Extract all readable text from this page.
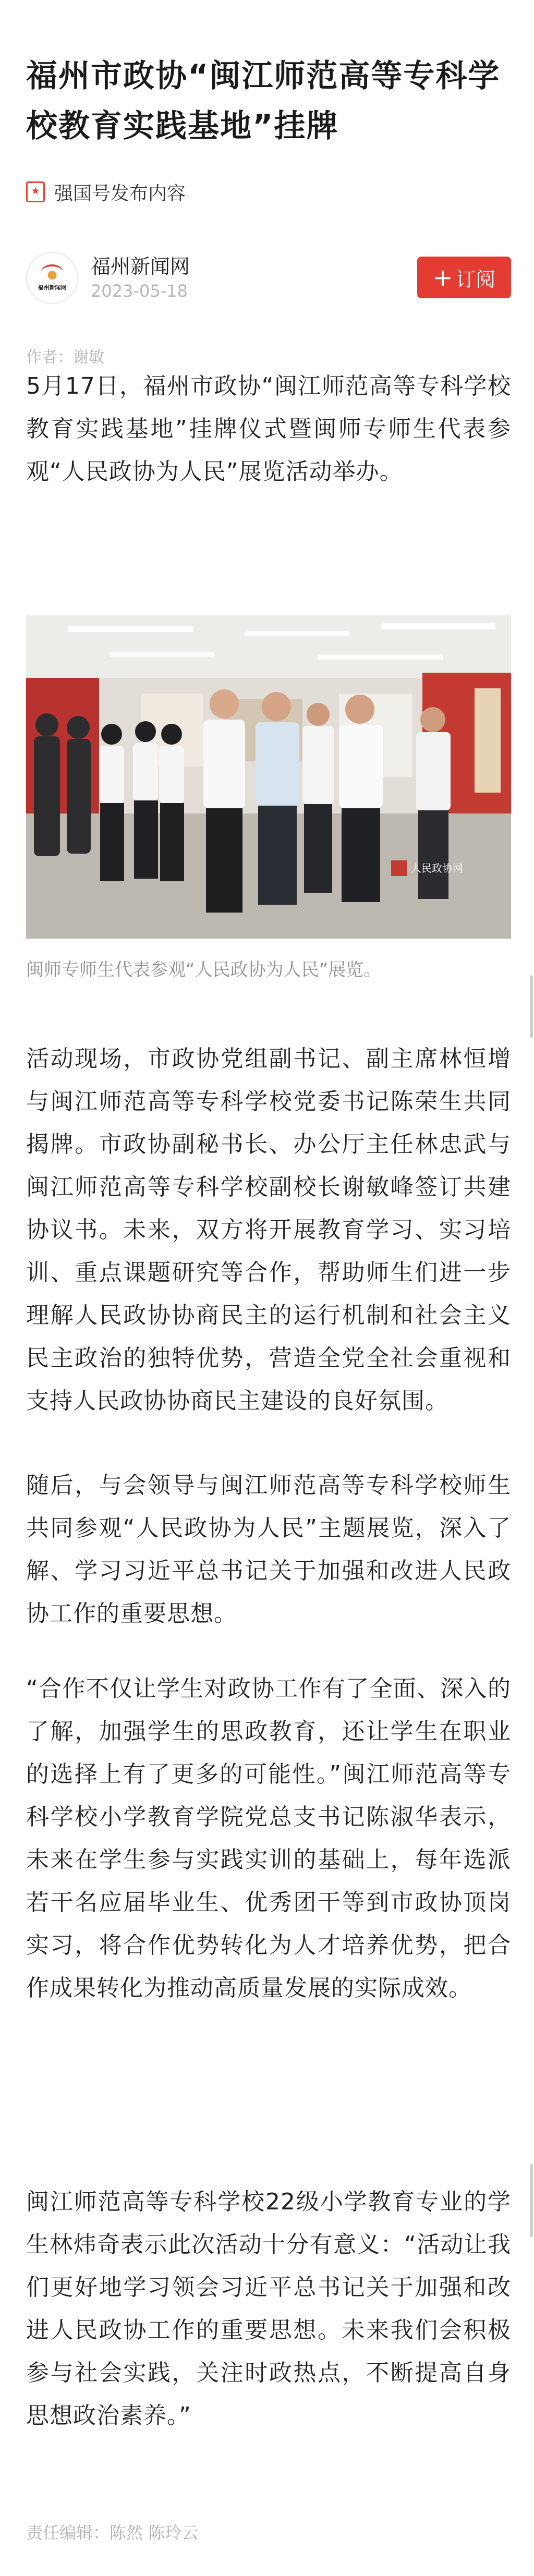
福州市政协“闽江师范高等专科学校教育实践基地”挂牌
强国号发布内容
福州新闻网
福州新闻网
2023-05-18	+ 订阅
作者：谢敏
5月17日，福州市政协“闽江师范高等专科学校教育实践基地”挂牌仪式暨闽师专师生代表参观“人民政协为人民”展览活动举办。
人民政协网
闽师专师生代表参观“人民政协为人民”展览。
活动现场，市政协党组副书记、副主席林恒增与闽江师范高等专科学校党委书记陈荣生共同揭牌。市政协副秘书长、办公厅主任林忠武与闽江师范高等专科学校副校长谢敏峰签订共建协议书。未来，双方将开展教育学习、实习培训、重点课题研究等合作，帮助师生们进一步理解人民政协协商民主的运行机制和社会主义民主政治的独特优势，营造全党全社会重视和支持人民政协协商民主建设的良好氛围。
随后，与会领导与闽江师范高等专科学校师生共同参观“人民政协为人民”主题展览，深入了解、学习习近平总书记关于加强和改进人民政协工作的重要思想。
“合作不仅让学生对政协工作有了全面、深入的了解，加强学生的思政教育，还让学生在职业的选择上有了更多的可能性。”闽江师范高等专科学校小学教育学院党总支书记陈淑华表示，未来在学生参与实践实训的基础上，每年选派若干名应届毕业生、优秀团干等到市政协顶岗实习，将合作优势转化为人才培养优势，把合作成果转化为推动高质量发展的实际成效。
闽江师范高等专科学校22级小学教育专业的学生林炜奇表示此次活动十分有意义：“活动让我们更好地学习领会习近平总书记关于加强和改进人民政协工作的重要思想。未来我们会积极参与社会实践，关注时政热点，不断提高自身思想政治素养。”
责任编辑：陈然 陈玲云
